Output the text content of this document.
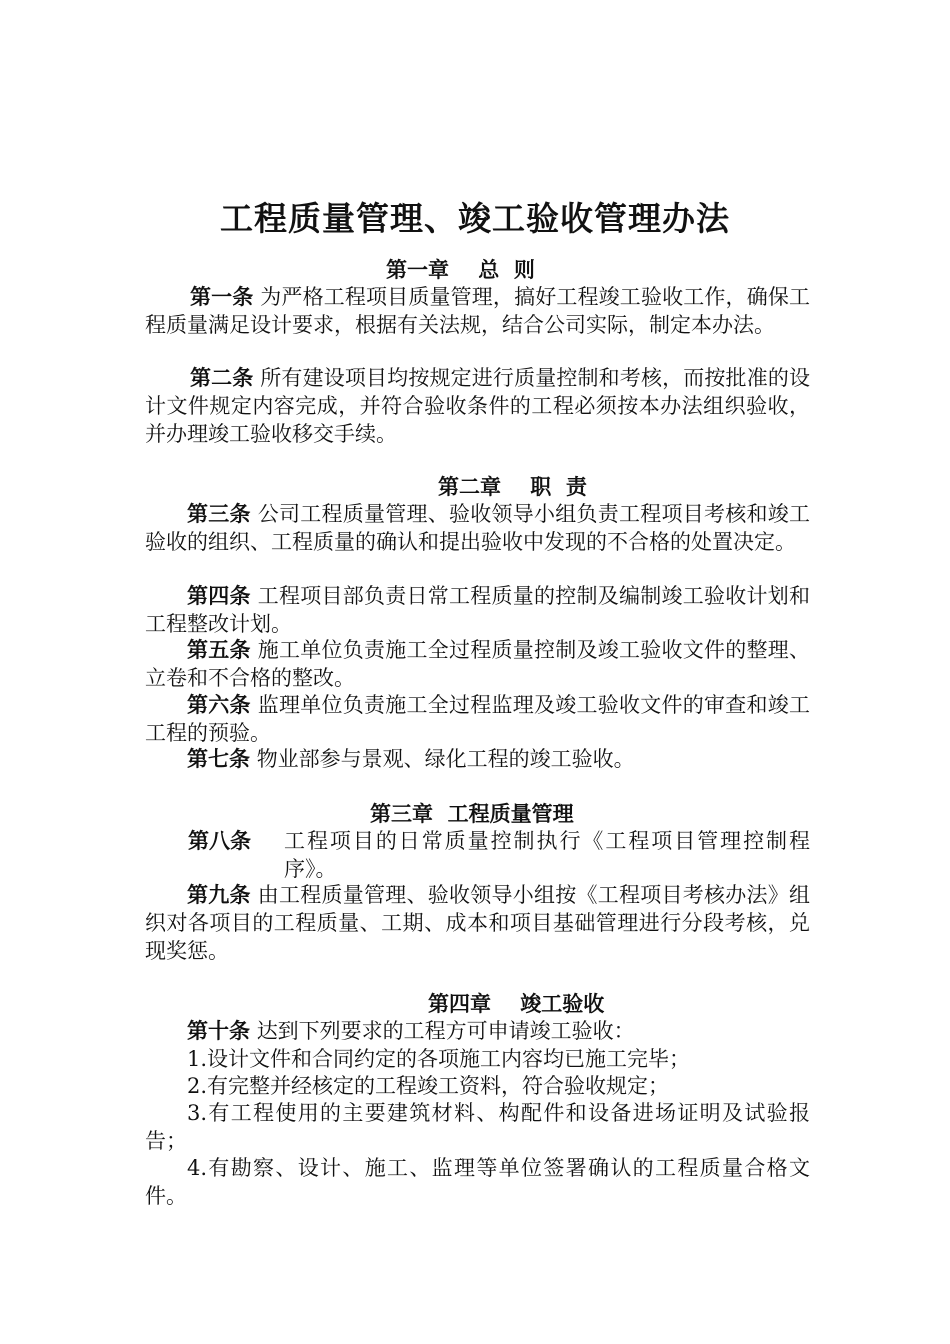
工程质量管理、竣工验收管理办法
第一章    总  则

第一条 为严格工程项目质量管理，搞好工程竣工验收工作，确保工程质量满足设计要求，根据有关法规，结合公司实际，制定本办法。

第二条 所有建设项目均按规定进行质量控制和考核，而按批准的设计文件规定内容完成，并符合验收条件的工程必须按本办法组织验收，并办理竣工验收移交手续。

第二章    职  责

第三条 公司工程质量管理、验收领导小组负责工程项目考核和竣工验收的组织、工程质量的确认和提出验收中发现的不合格的处置决定。

第四条 工程项目部负责日常工程质量的控制及编制竣工验收计划和工程整改计划。

第五条 施工单位负责施工全过程质量控制及竣工验收文件的整理、立卷和不合格的整改。

第六条 监理单位负责施工全过程监理及竣工验收文件的审查和竣工工程的预验。

第七条 物业部参与景观、绿化工程的竣工验收。

第三章  工程质量管理
第八条 工程项目的日常质量控制执行《工程项目管理控制程序》。

第九条 由工程质量管理、验收领导小组按《工程项目考核办法》组织对各项目的工程质量、工期、成本和项目基础管理进行分段考核，兑现奖惩。

第四章    竣工验收

第十条 达到下列要求的工程方可申请竣工验收：

1.设计文件和合同约定的各项施工内容均已施工完毕；

2.有完整并经核定的工程竣工资料，符合验收规定；

3.有工程使用的主要建筑材料、构配件和设备进场证明及试验报告；

4.有勘察、设计、施工、监理等单位签署确认的工程质量合格文件。
